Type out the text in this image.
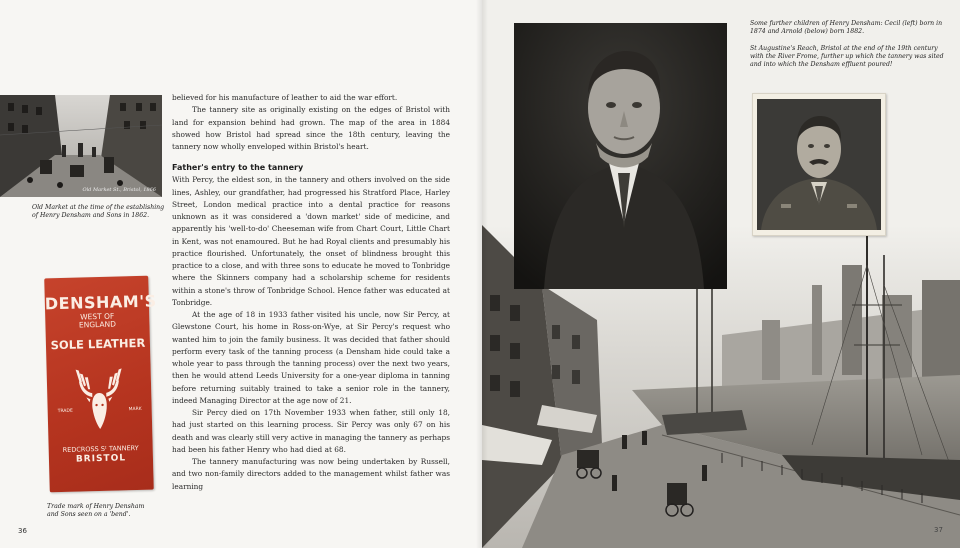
Old Market St., Bristol, 1866
Old Market at the time of the establishing of Henry Densham and Sons in 1862.
DENSHAM'S
WEST OF
ENGLAND
SOLE LEATHER
TRADE	MARK
REDCROSS Sᵗ TANNERY
BRISTOL
Trade mark of Henry Densham and Sons seen on a 'bend'.

believed for his manufacture of leather to aid the war effort.

The tannery site as originally existing on the edges of Bristol with land for expansion behind had grown. The map of the area in 1884 showed how Bristol had spread since the 18th century, leaving the tannery now wholly enveloped within Bristol's heart.

Father's entry to the tannery

With Percy, the eldest son, in the tannery and others involved on the side lines, Ashley, our grandfather, had progressed his Stratford Place, Harley Street, London medical practice into a dental practice for reasons unknown as it was considered a 'down market' side of medicine, and apparently his 'well-to-do' Cheeseman wife from Chart Court, Little Chart in Kent, was not enamoured. But he had Royal clients and presumably his practice flourished. Unfortunately, the onset of blindness brought this practice to a close, and with three sons to educate he moved to Tonbridge where the Skinners company had a scholarship scheme for residents within a stone's throw of Tonbridge School. Hence father was educated at Tonbridge.

At the age of 18 in 1933 father visited his uncle, now Sir Percy, at Glewstone Court, his home in Ross-on-Wye, at Sir Percy's request who wanted him to join the family business. It was decided that father should perform every task of the tanning process (a Densham hide could take a whole year to pass through the tanning process) over the next two years, then he would attend Leeds University for a one-year diploma in tanning before returning suitably trained to take a senior role in the tannery, indeed Managing Director at the age now of 21.

Sir Percy died on 17th November 1933 when father, still only 18, had just started on this learning process. Sir Percy was only 67 on his death and was clearly still very active in managing the tannery as perhaps had been his father Henry who had died at 68.

The tannery manufacturing was now being undertaken by Russell, and two non-family directors added to the management whilst father was learning

36
Some further children of Henry Densham: Cecil (left) born in 1874 and Arnold (below) born 1882.
St Augustine's Reach, Bristol at the end of the 19th century with the River Frome, further up which the tannery was sited and into which the Densham effluent poured!
37
